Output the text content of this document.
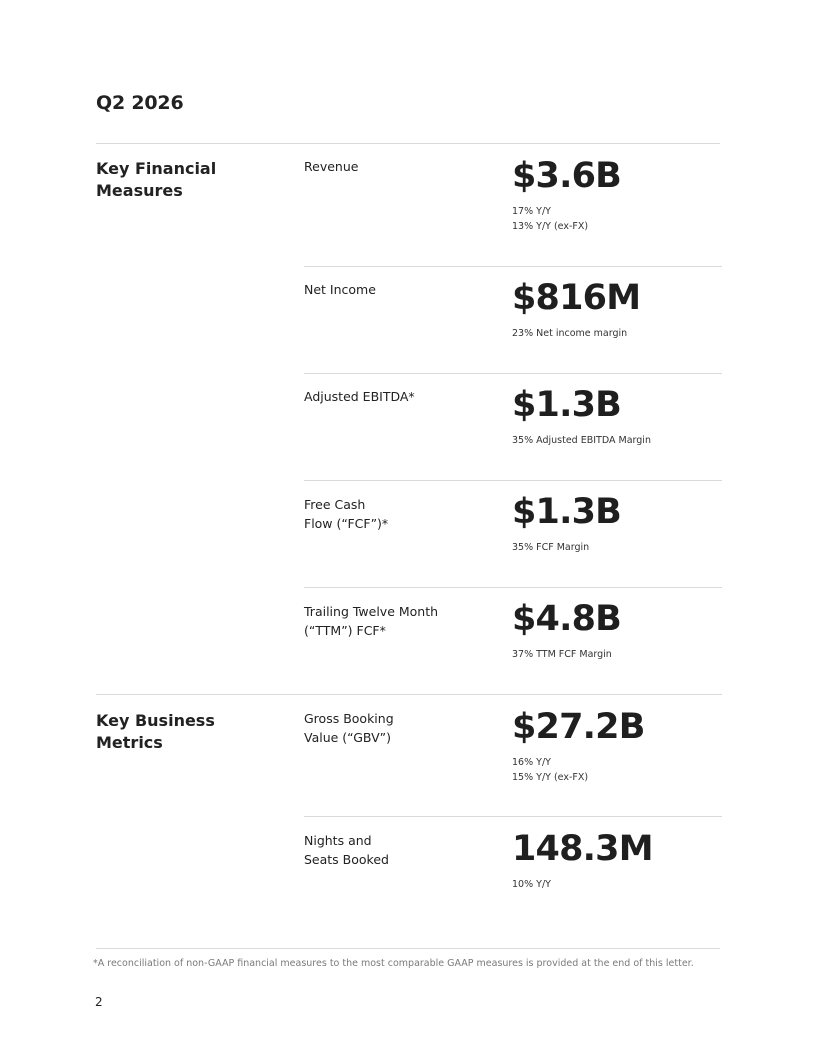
Q2 2026
Key Financial
Measures
Revenue	$3.6B
17% Y/Y
13% Y/Y (ex-FX)
Net Income	$816M
23% Net income margin
Adjusted EBITDA*	$1.3B
35% Adjusted EBITDA Margin
Free Cash
Flow (“FCF”)*	$1.3B
35% FCF Margin
Trailing Twelve Month
(“TTM”) FCF*	$4.8B
37% TTM FCF Margin
Key Business
Metrics
Gross Booking
Value (“GBV”)	$27.2B
16% Y/Y
15% Y/Y (ex-FX)
Nights and
Seats Booked	148.3M
10% Y/Y
*A reconciliation of non-GAAP financial measures to the most comparable GAAP measures is provided at the end of this letter.
2
